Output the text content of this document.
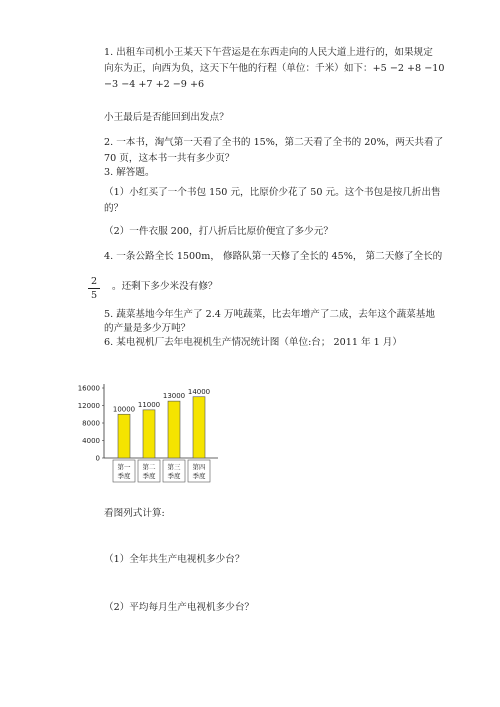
1. 出租车司机小王某天下午营运是在东西走向的人民大道上进行的，如果规定
向东为正，向西为负，这天下午他的行程（单位：千米）如下：+5 −2 +8 −10
−3 −4 +7 +2 −9 +6
小王最后是否能回到出发点？
2. 一本书，淘气第一天看了全书的 15%，第二天看了全书的 20%，两天共看了
70 页，这本书一共有多少页？
3. 解答题。
（1）小红买了一个书包 150 元，比原价少花了 50 元。这个书包是按几折出售
的？
（2）一件衣服 200，打八折后比原价便宜了多少元？
4. 一条公路全长 1500m， 修路队第一天修了全长的 45%， 第二天修了全长的
2
5
。还剩下多少米没有修？
5. 蔬菜基地今年生产了 2.4 万吨蔬菜，比去年增产了二成，去年这个蔬菜基地
的产量是多少万吨？
6. 某电视机厂去年电视机生产情况统计图（单位:台； 2011 年 1 月）
0
4000
8000
12000
16000
10000
第一
季度
11000
第二
季度
13000
第三
季度
14000
第四
季度
看图列式计算:
（1）全年共生产电视机多少台？
（2）平均每月生产电视机多少台？
